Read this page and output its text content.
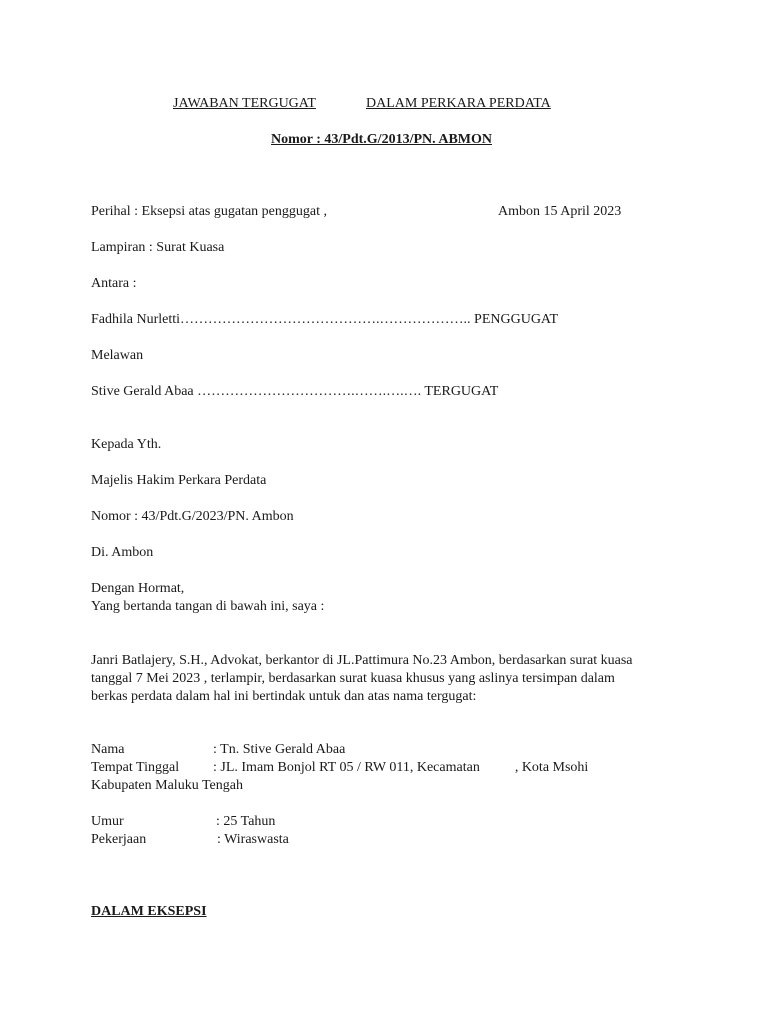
JAWABAN TERGUGAT	DALAM PERKARA PERDATA
Nomor : 43/Pdt.G/2013/PN. ABMON
Perihal : Eksepsi atas gugatan penggugat ,	Ambon 15 April 2023
Lampiran : Surat Kuasa
Antara :
Fadhila Nurletti…………………………………….……………….. PENGGUGAT
Melawan
Stive Gerald Abaa …………………………….…….….…. TERGUGAT
Kepada Yth.
Majelis Hakim Perkara Perdata
Nomor : 43/Pdt.G/2023/PN. Ambon
Di. Ambon
Dengan Hormat,
Yang bertanda tangan di bawah ini, saya :
Janri Batlajery, S.H., Advokat, berkantor di JL.Pattimura No.23 Ambon, berdasarkan surat kuasa
tanggal 7 Mei 2023 , terlampir, berdasarkan surat kuasa khusus yang aslinya tersimpan dalam
berkas perdata dalam hal ini bertindak untuk dan atas nama tergugat:
Nama	: Tn. Stive Gerald Abaa
Tempat Tinggal : JL. Imam Bonjol RT 05 / RW 011, Kecamatan          , Kota Msohi
Kabupaten Maluku Tengah
Umur	: 25 Tahun
Pekerjaan	: Wiraswasta
DALAM EKSEPSI
